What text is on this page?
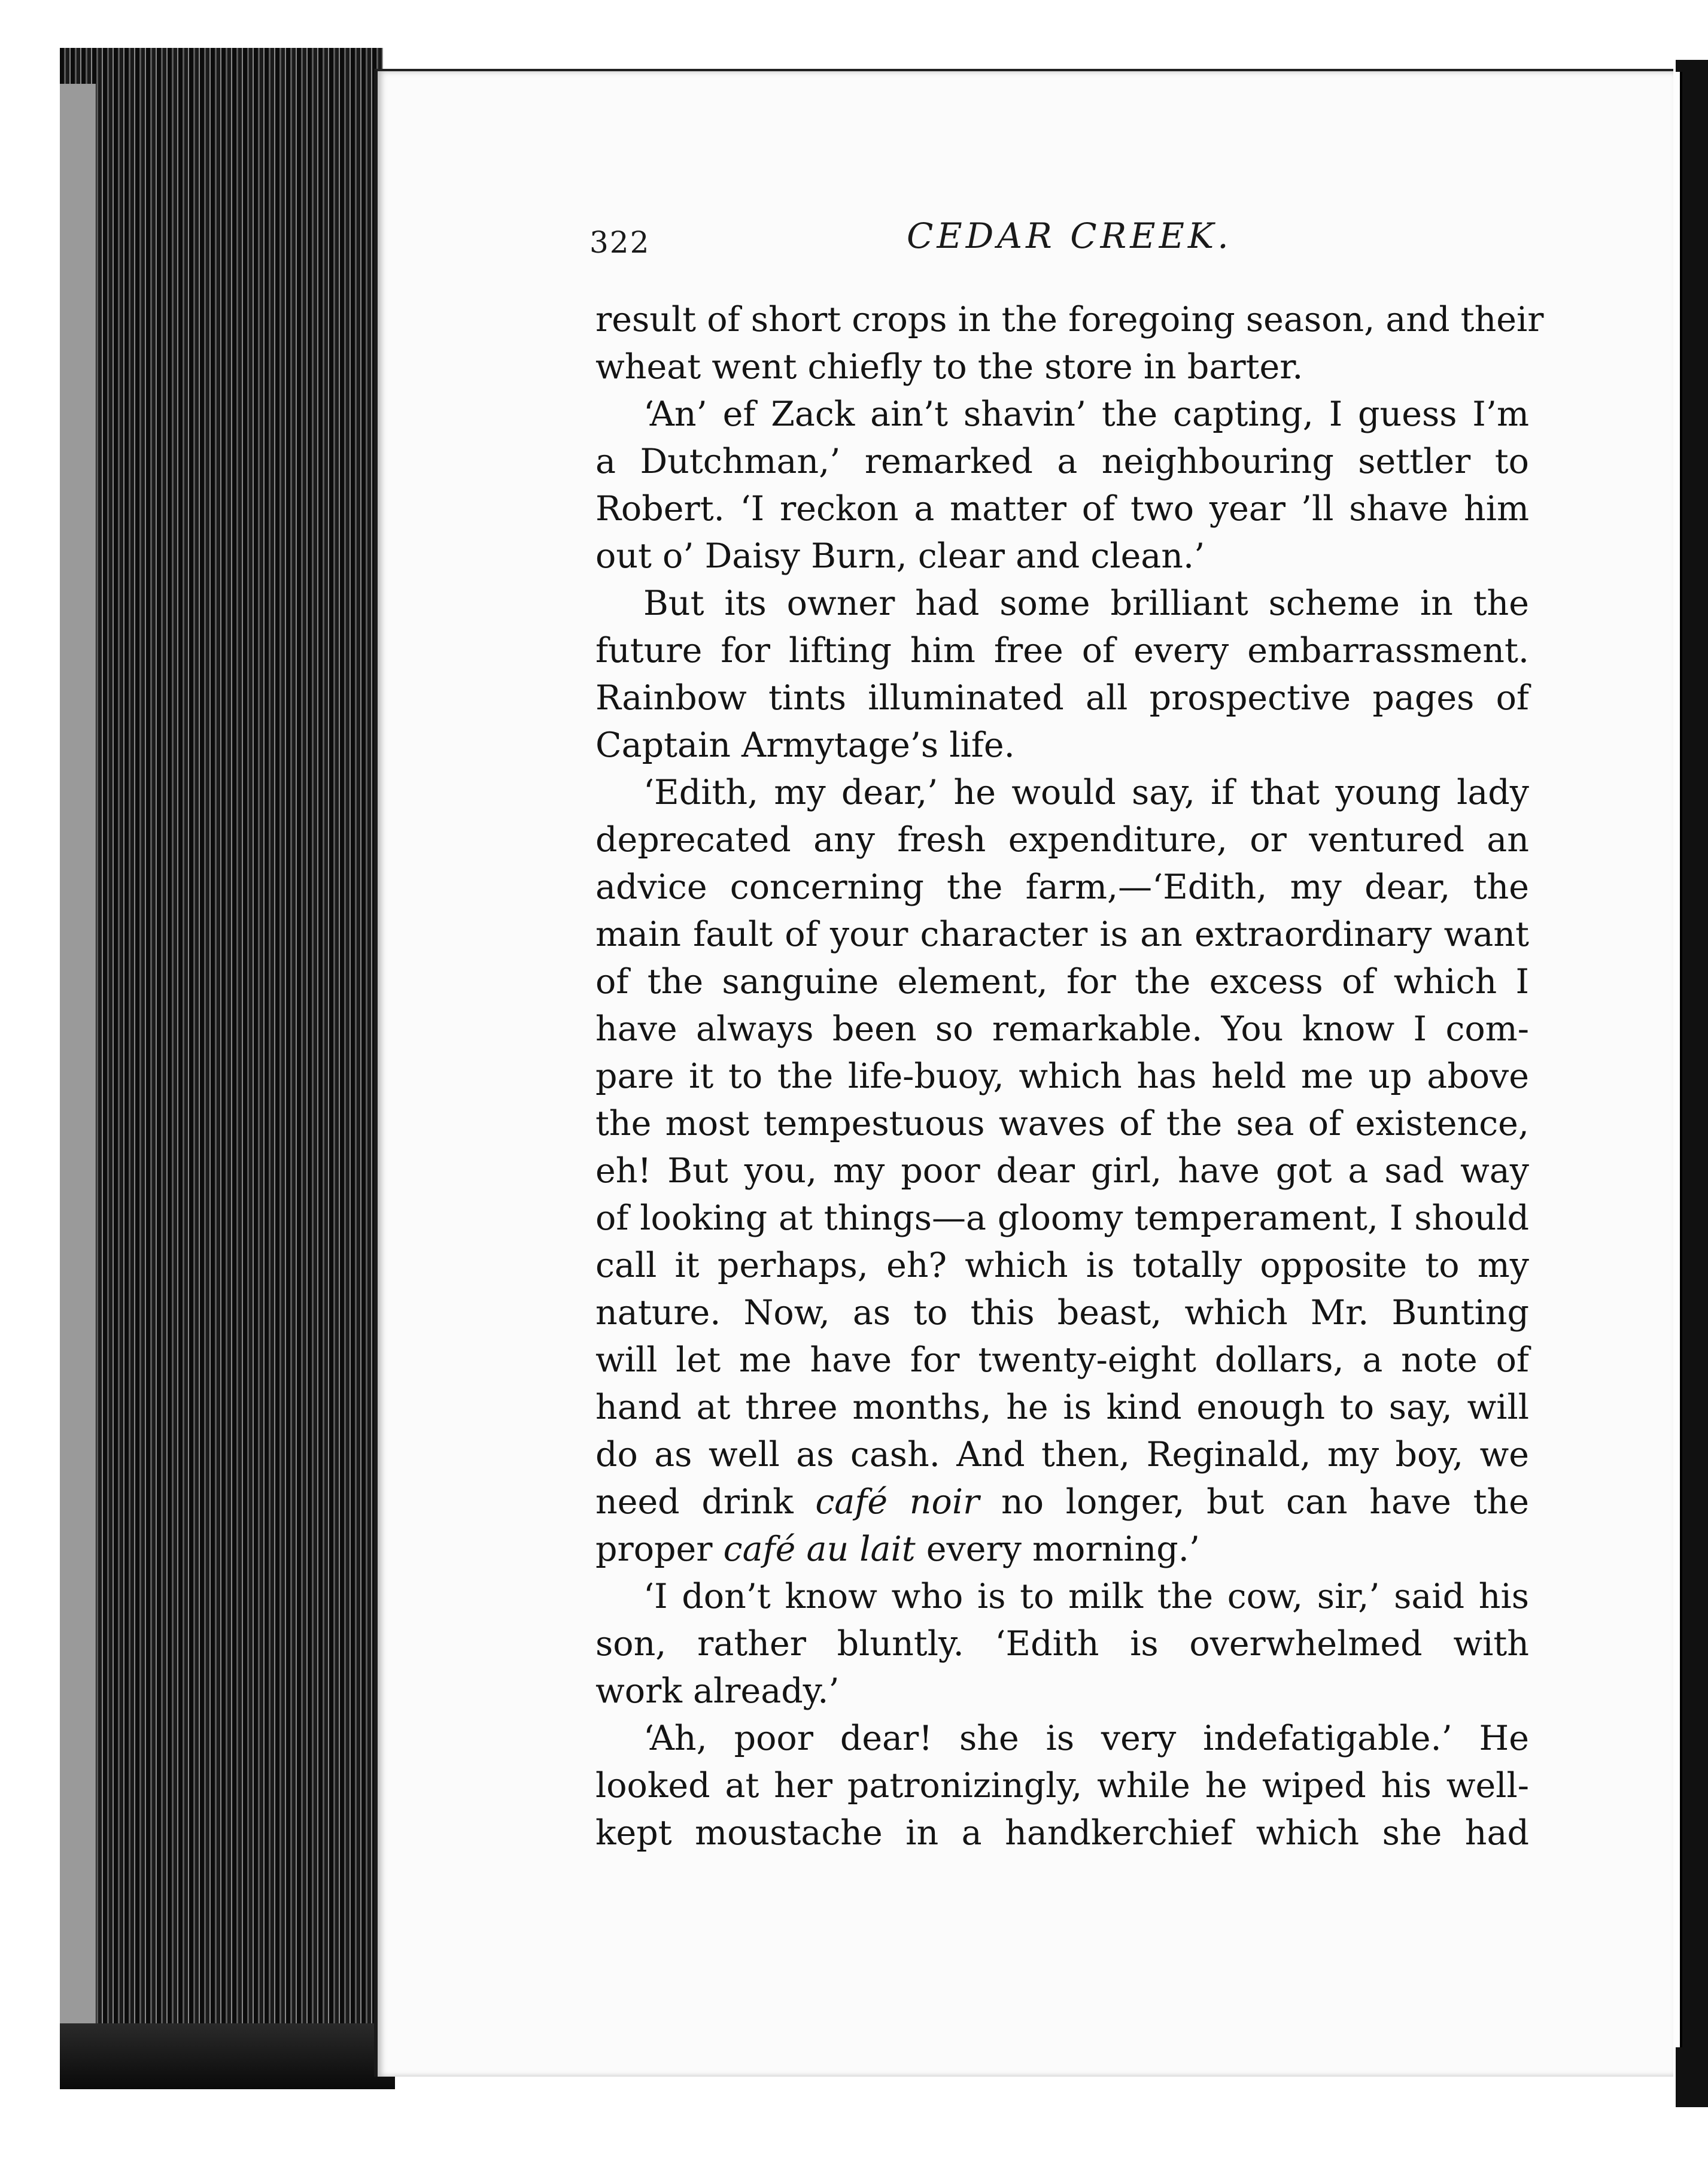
322	CEDAR CREEK.
result of short crops in the foregoing season, and their
wheat went chiefly to the store in barter.
‘An’ ef Zack ain’t shavin’ the capting, I guess I’m
a Dutchman,’ remarked a neighbouring settler to
Robert. ‘I reckon a matter of two year ’ll shave him
out o’ Daisy Burn, clear and clean.’
But its owner had some brilliant scheme in the
future for lifting him free of every embarrassment.
Rainbow tints illuminated all prospective pages of
Captain Armytage’s life.
‘Edith, my dear,’ he would say, if that young lady
deprecated any fresh expenditure, or ventured an
advice concerning the farm,—‘Edith, my dear, the
main fault of your character is an extraordinary want
of the sanguine element, for the excess of which I
have always been so remarkable. You know I com-
pare it to the life-buoy, which has held me up above
the most tempestuous waves of the sea of existence,
eh! But you, my poor dear girl, have got a sad way
of looking at things—a gloomy temperament, I should
call it perhaps, eh? which is totally opposite to my
nature. Now, as to this beast, which Mr. Bunting
will let me have for twenty-eight dollars, a note of
hand at three months, he is kind enough to say, will
do as well as cash. And then, Reginald, my boy, we
need drink café noir no longer, but can have the
proper café au lait every morning.’
‘I don’t know who is to milk the cow, sir,’ said his
son, rather bluntly. ‘Edith is overwhelmed with
work already.’
‘Ah, poor dear! she is very indefatigable.’ He
looked at her patronizingly, while he wiped his well-
kept moustache in a handkerchief which she had
